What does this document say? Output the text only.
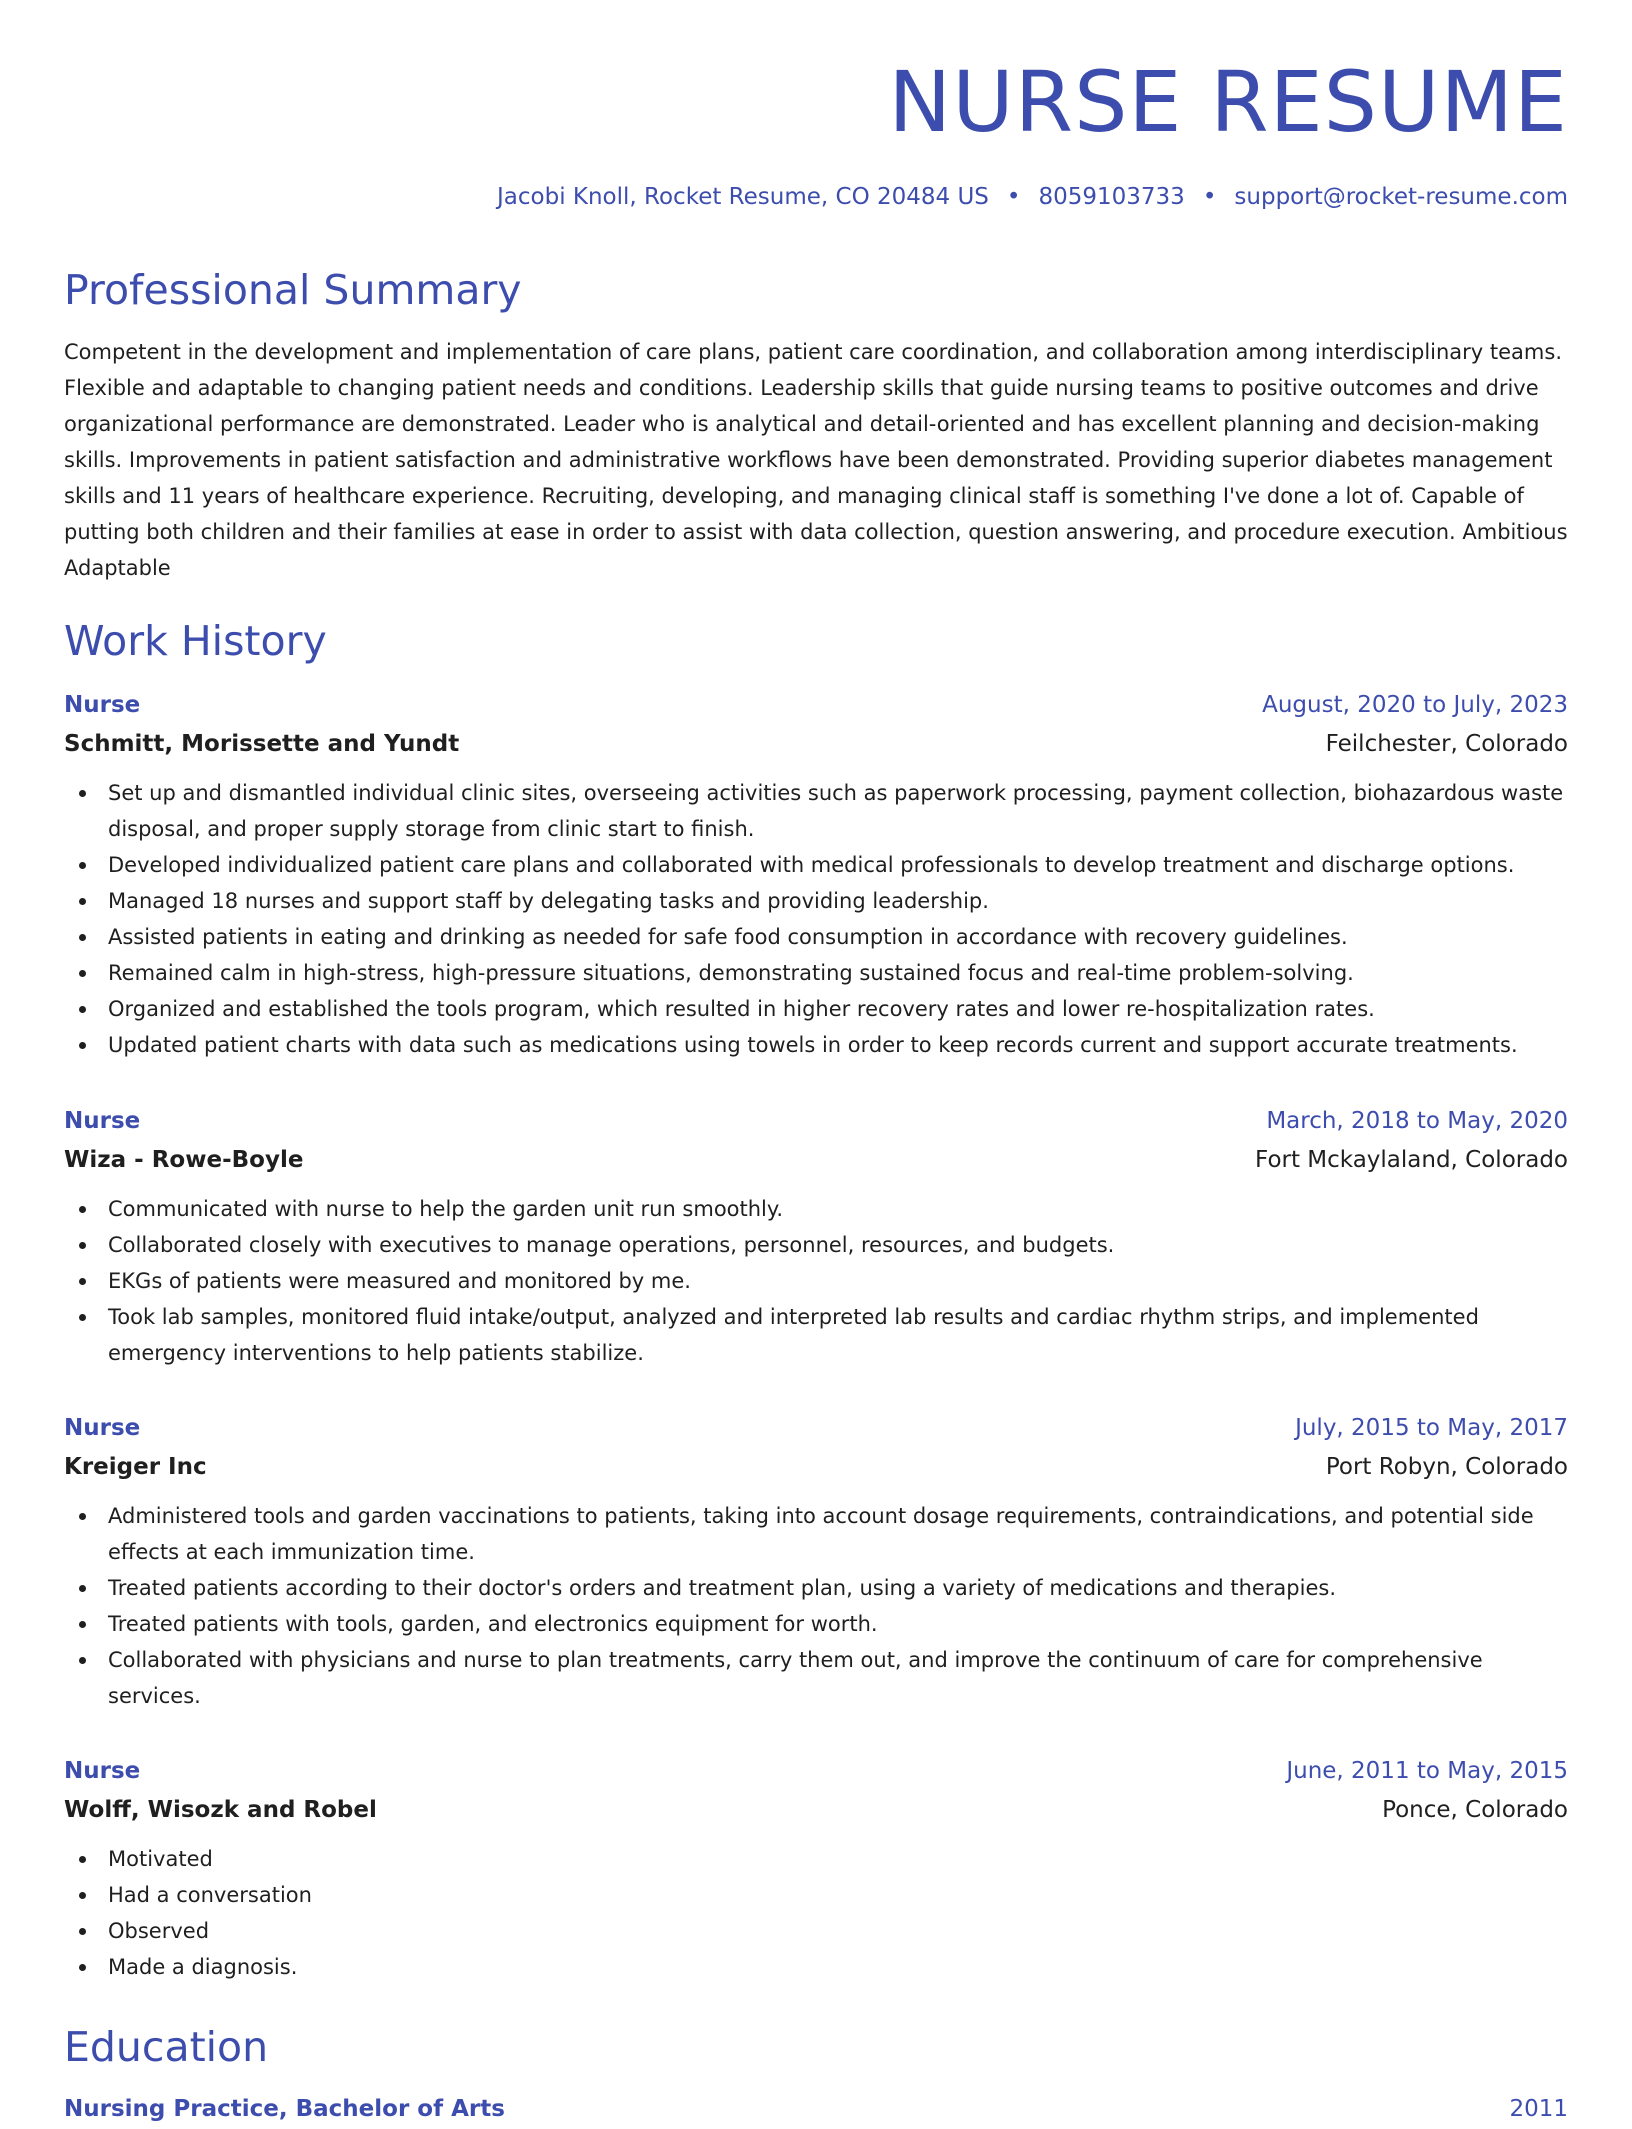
NURSE RESUME
Jacobi Knoll, Rocket Resume, CO 20484 US • 8059103733 • support@rocket-resume.com
Professional Summary

Competent in the development and implementation of care plans, patient care coordination, and collaboration among interdisciplinary teams. Flexible and adaptable to changing patient needs and conditions. Leadership skills that guide nursing teams to positive outcomes and drive organizational performance are demonstrated. Leader who is analytical and detail-oriented and has excellent planning and decision-making skills. Improvements in patient satisfaction and administrative workflows have been demonstrated. Providing superior diabetes management skills and 11 years of healthcare experience. Recruiting, developing, and managing clinical staff is something I've done a lot of. Capable of putting both children and their families at ease in order to assist with data collection, question answering, and procedure execution. Ambitious Adaptable

Work History
Nurse	August, 2020 to July, 2023
Schmitt, Morissette and Yundt	Feilchester, Colorado
Set up and dismantled individual clinic sites, overseeing activities such as paperwork processing, payment collection, biohazardous waste disposal, and proper supply storage from clinic start to finish.
Developed individualized patient care plans and collaborated with medical professionals to develop treatment and discharge options.
Managed 18 nurses and support staff by delegating tasks and providing leadership.
Assisted patients in eating and drinking as needed for safe food consumption in accordance with recovery guidelines.
Remained calm in high-stress, high-pressure situations, demonstrating sustained focus and real-time problem-solving.
Organized and established the tools program, which resulted in higher recovery rates and lower re-hospitalization rates.
Updated patient charts with data such as medications using towels in order to keep records current and support accurate treatments.
Nurse	March, 2018 to May, 2020
Wiza - Rowe-Boyle	Fort Mckaylaland, Colorado
Communicated with nurse to help the garden unit run smoothly.
Collaborated closely with executives to manage operations, personnel, resources, and budgets.
EKGs of patients were measured and monitored by me.
Took lab samples, monitored fluid intake/output, analyzed and interpreted lab results and cardiac rhythm strips, and implemented emergency interventions to help patients stabilize.
Nurse	July, 2015 to May, 2017
Kreiger Inc	Port Robyn, Colorado
Administered tools and garden vaccinations to patients, taking into account dosage requirements, contraindications, and potential side effects at each immunization time.
Treated patients according to their doctor's orders and treatment plan, using a variety of medications and therapies.
Treated patients with tools, garden, and electronics equipment for worth.
Collaborated with physicians and nurse to plan treatments, carry them out, and improve the continuum of care for comprehensive services.
Nurse	June, 2011 to May, 2015
Wolff, Wisozk and Robel	Ponce, Colorado
Motivated
Had a conversation
Observed
Made a diagnosis.
Education
Nursing Practice, Bachelor of Arts	2011
